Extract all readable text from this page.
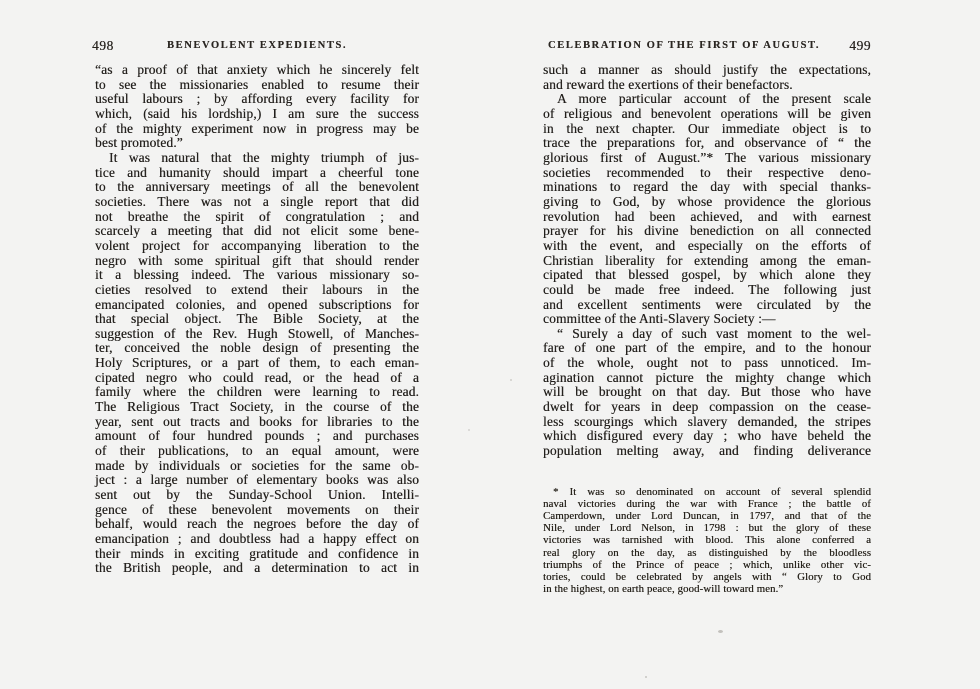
498	BENEVOLENT EXPEDIENTS.
“as a proof of that anxiety which he sincerely felt
to see the missionaries enabled to resume their
useful labours ; by affording every facility for
which, (said his lordship,) I am sure the success
of the mighty experiment now in progress may be
best promoted.”
It was natural that the mighty triumph of jus-
tice and humanity should impart a cheerful tone
to the anniversary meetings of all the benevolent
societies. There was not a single report that did
not breathe the spirit of congratulation ; and
scarcely a meeting that did not elicit some bene-
volent project for accompanying liberation to the
negro with some spiritual gift that should render
it a blessing indeed. The various missionary so-
cieties resolved to extend their labours in the
emancipated colonies, and opened subscriptions for
that special object. The Bible Society, at the
suggestion of the Rev. Hugh Stowell, of Manches-
ter, conceived the noble design of presenting the
Holy Scriptures, or a part of them, to each eman-
cipated negro who could read, or the head of a
family where the children were learning to read.
The Religious Tract Society, in the course of the
year, sent out tracts and books for libraries to the
amount of four hundred pounds ; and purchases
of their publications, to an equal amount, were
made by individuals or societies for the same ob-
ject : a large number of elementary books was also
sent out by the Sunday-School Union. Intelli-
gence of these benevolent movements on their
behalf, would reach the negroes before the day of
emancipation ; and doubtless had a happy effect on
their minds in exciting gratitude and confidence in
the British people, and a determination to act in
CELEBRATION OF THE FIRST OF AUGUST.	499
such a manner as should justify the expectations,
and reward the exertions of their benefactors.
A more particular account of the present scale
of religious and benevolent operations will be given
in the next chapter. Our immediate object is to
trace the preparations for, and observance of “ the
glorious first of August.”* The various missionary
societies recommended to their respective deno-
minations to regard the day with special thanks-
giving to God, by whose providence the glorious
revolution had been achieved, and with earnest
prayer for his divine benediction on all connected
with the event, and especially on the efforts of
Christian liberality for extending among the eman-
cipated that blessed gospel, by which alone they
could be made free indeed. The following just
and excellent sentiments were circulated by the
committee of the Anti-Slavery Society :—
“ Surely a day of such vast moment to the wel-
fare of one part of the empire, and to the honour
of the whole, ought not to pass unnoticed. Im-
agination cannot picture the mighty change which
will be brought on that day. But those who have
dwelt for years in deep compassion on the cease-
less scourgings which slavery demanded, the stripes
which disfigured every day ; who have beheld the
population melting away, and finding deliverance
* It was so denominated on account of several splendid
naval victories during the war with France ; the battle of
Camperdown, under Lord Duncan, in 1797, and that of the
Nile, under Lord Nelson, in 1798 : but the glory of these
victories was tarnished with blood. This alone conferred a
real glory on the day, as distinguished by the bloodless
triumphs of the Prince of peace ; which, unlike other vic-
tories, could be celebrated by angels with “ Glory to God
in the highest, on earth peace, good-will toward men.”
